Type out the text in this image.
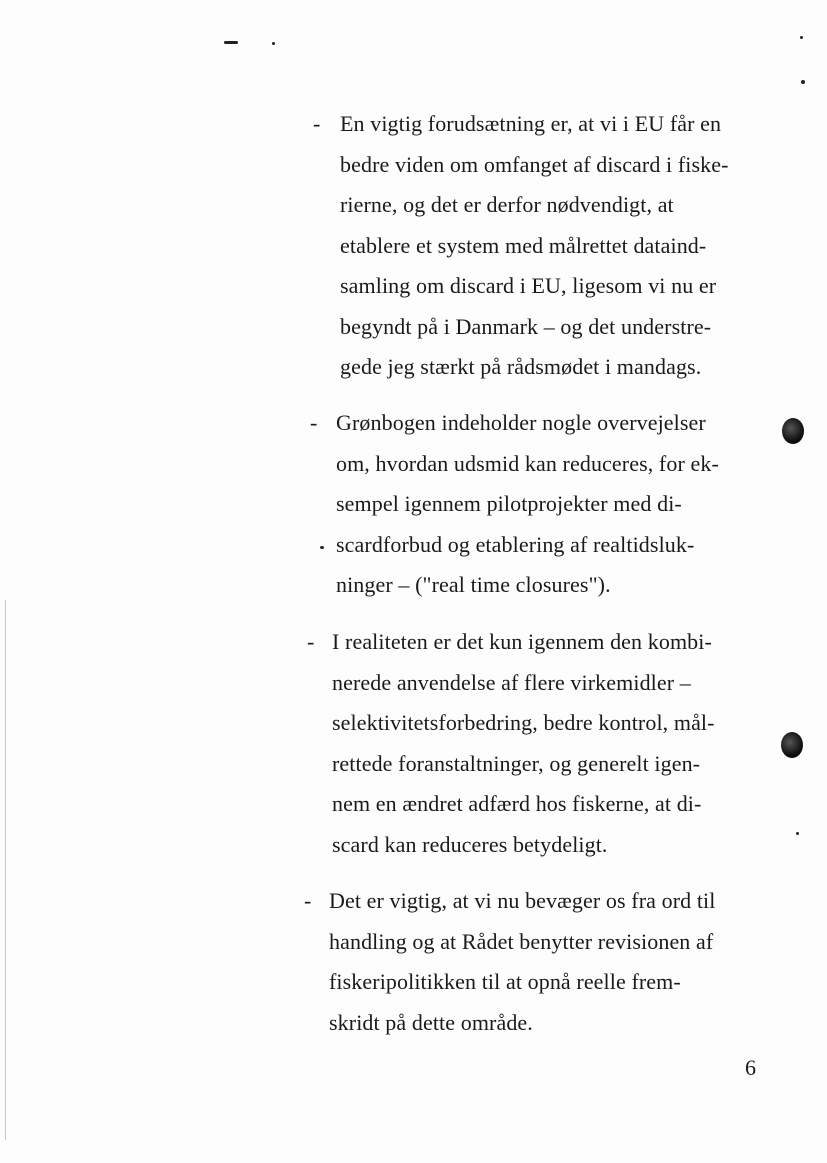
- En vigtig forudsætning er, at vi i EU får en
bedre viden om omfanget af discard i fiske-
rierne, og det er derfor nødvendigt, at
etablere et system med målrettet dataind-
samling om discard i EU, ligesom vi nu er
begyndt på i Danmark – og det understre-
gede jeg stærkt på rådsmødet i mandags.
- Grønbogen indeholder nogle overvejelser
om, hvordan udsmid kan reduceres, for ek-
sempel igennem pilotprojekter med di-
scardforbud og etablering af realtidsluk-
ninger – ("real time closures").
- I realiteten er det kun igennem den kombi-
nerede anvendelse af flere virkemidler –
selektivitetsforbedring, bedre kontrol, mål-
rettede foranstaltninger, og generelt igen-
nem en ændret adfærd hos fiskerne, at di-
scard kan reduceres betydeligt.
- Det er vigtig, at vi nu bevæger os fra ord til
handling og at Rådet benytter revisionen af
fiskeripolitikken til at opnå reelle frem-
skridt på dette område.
6
